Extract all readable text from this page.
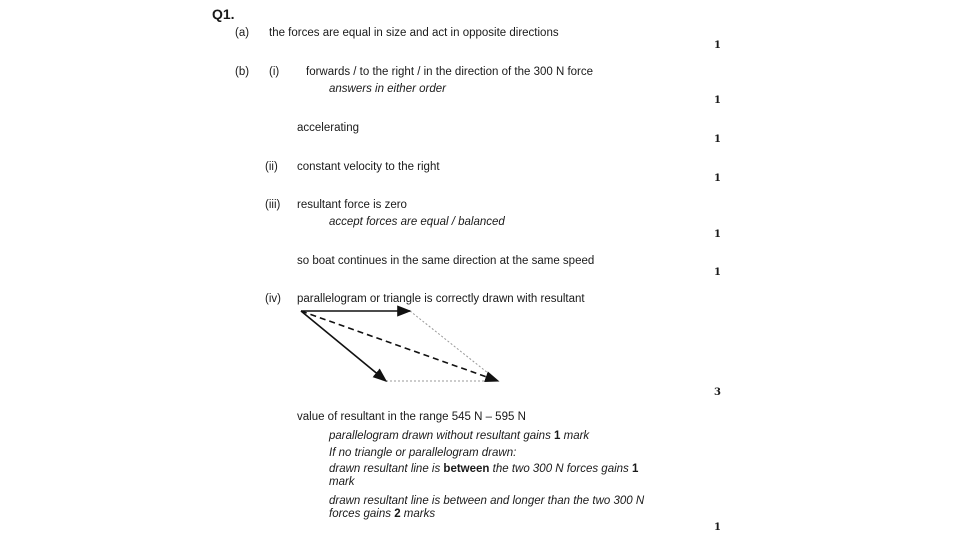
Q1.
(a) the forces are equal in size and act in opposite directions
1
(b) (i) forwards / to the right / in the direction of the 300 N force
answers in either order
1
accelerating
1
(ii) constant velocity to the right
1
(iii) resultant force is zero
accept forces are equal / balanced
1
so boat continues in the same direction at the same speed
1
(iv) parallelogram or triangle is correctly drawn with resultant
3
value of resultant in the range 545 N – 595 N
parallelogram drawn without resultant gains 1 mark
If no triangle or parallelogram drawn:
drawn resultant line is between the two 300 N forces gains 1 mark
drawn resultant line is between and longer than the two 300 N forces gains 2 marks
1
